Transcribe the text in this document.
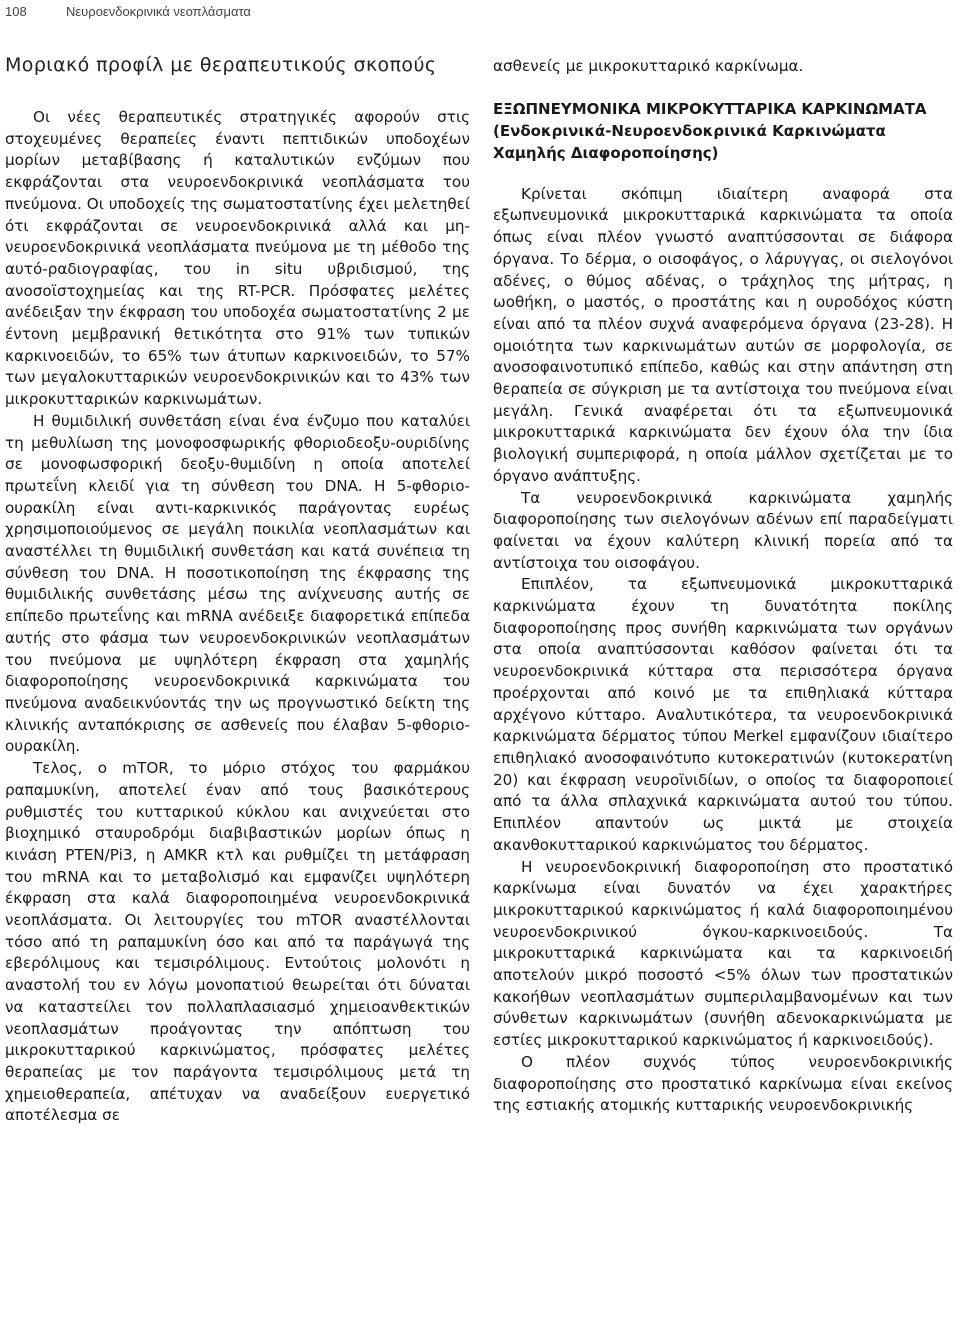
108	Νευροενδοκρινικά νεοπλάσματα
Μοριακό προφίλ με θεραπευτικούς σκοπούς

Οι νέες θεραπευτικές στρατηγικές αφορούν στις στοχευμένες θεραπείες έναντι πεπτιδικών υποδοχέων μορίων μεταβίβασης ή καταλυτικών ενζύμων που εκφράζονται στα νευροενδοκρινικά νεοπλάσματα του πνεύμονα. Οι υποδοχείς της σωματοστατίνης έχει μελετηθεί ότι εκφράζονται σε νευροενδοκρινικά αλλά και μη-νευροενδοκρινικά νεοπλάσματα πνεύμονα με τη μέθοδο της αυτό-ραδιογραφίας, του in situ υβριδισμού, της ανοσοϊστοχημείας και της RT-PCR. Πρόσφατες μελέτες ανέδειξαν την έκφραση του υποδοχέα σωματοστατίνης 2 με έντονη μεμβρανική θετικότητα στο 91% των τυπικών καρκινοειδών, το 65% των άτυπων καρκινοειδών, το 57% των μεγαλοκυτταρικών νευροενδοκρινικών και το 43% των μικροκυτταρικών καρκινωμάτων.

Η θυμιδιλική συνθετάση είναι ένα ένζυμο που καταλύει τη μεθυλίωση της μονοφοσφωρικής φθοριοδεοξυ-ουριδίνης σε μονοφωσφορική δεοξυ-θυμιδίνη η οποία αποτελεί πρωτεΐνη κλειδί για τη σύνθεση του DNA. Η 5-φθοριο-ουρακίλη είναι αντι-καρκινικός παράγοντας ευρέως χρησιμοποιούμενος σε μεγάλη ποικιλία νεοπλασμάτων και αναστέλλει τη θυμιδιλική συνθετάση και κατά συνέπεια τη σύνθεση του DNA. Η ποσοτικοποίηση της έκφρασης της θυμιδιλικής συνθετάσης μέσω της ανίχνευσης αυτής σε επίπεδο πρωτεΐνης και mRNA ανέδειξε διαφορετικά επίπεδα αυτής στο φάσμα των νευροενδοκρινικών νεοπλασμάτων του πνεύμονα με υψηλότερη έκφραση στα χαμηλής διαφοροποίησης νευροενδοκρινικά καρκινώματα του πνεύμονα αναδεικνύοντάς την ως προγνωστικό δείκτη της κλινικής ανταπόκρισης σε ασθενείς που έλαβαν 5-φθοριο-ουρακίλη.

Τελος, ο mTOR, το μόριο στόχος του φαρμάκου ραπαμυκίνη, αποτελεί έναν από τους βασικότερους ρυθμιστές του κυτταρικού κύκλου και ανιχνεύεται στο βιοχημικό σταυροδρόμι διαβιβαστικών μορίων όπως η κινάση PTEN/Pi3, η AMKR κτλ και ρυθμίζει τη μετάφραση του mRNA και το μεταβολισμό και εμφανίζει υψηλότερη έκφραση στα καλά διαφοροποιημένα νευροενδοκρινικά νεοπλάσματα. Οι λειτουργίες του mTOR αναστέλλονται τόσο από τη ραπαμυκίνη όσο και από τα παράγωγά της εβερόλιμους και τεμσιρόλιμους. Εντούτοις μολονότι η αναστολή του εν λόγω μονοπατιού θεωρείται ότι δύναται να καταστείλει τον πολλαπλασιασμό χημειοανθεκτικών νεοπλασμάτων προάγοντας την απόπτωση του μικροκυτταρικού καρκινώματος, πρόσφατες μελέτες θεραπείας με τον παράγοντα τεμσιρόλιμους μετά τη χημειοθεραπεία, απέτυχαν να αναδείξουν ευεργετικό αποτέλεσμα σε

ασθενείς με μικροκυτταρικό καρκίνωμα.

ΕΞΩΠΝΕΥΜΟΝΙΚΑ ΜΙΚΡΟΚΥΤΤΑΡΙΚΑ ΚΑΡΚΙΝΩΜΑΤΑ (Ενδοκρινικά-Νευροενδοκρινικά Καρκινώματα Χαμηλής Διαφοροποίησης)

Κρίνεται σκόπιμη ιδιαίτερη αναφορά στα εξωπνευμονικά μικροκυτταρικά καρκινώματα τα οποία όπως είναι πλέον γνωστό αναπτύσσονται σε διάφορα όργανα. Το δέρμα, ο οισοφάγος, ο λάρυγγας, οι σιελογόνοι αδένες, ο θύμος αδένας, ο τράχηλος της μήτρας, η ωοθήκη, ο μαστός, ο προστάτης και η ουροδόχος κύστη είναι από τα πλέον συχνά αναφερόμενα όργανα (23-28). Η ομοιότητα των καρκινωμάτων αυτών σε μορφολογία, σε ανοσοφαινοτυπικό επίπεδο, καθώς και στην απάντηση στη θεραπεία σε σύγκριση με τα αντίστοιχα του πνεύμονα είναι μεγάλη. Γενικά αναφέρεται ότι τα εξωπνευμονικά μικροκυτταρικά καρκινώματα δεν έχουν όλα την ίδια βιολογική συμπεριφορά, η οποία μάλλον σχετίζεται με το όργανο ανάπτυξης.

Τα νευροενδοκρινικά καρκινώματα χαμηλής διαφοροποίησης των σιελογόνων αδένων επί παραδείγματι φαίνεται να έχουν καλύτερη κλινική πορεία από τα αντίστοιχα του οισοφάγου.

Επιπλέον, τα εξωπνευμονικά μικροκυτταρικά καρκινώματα έχουν τη δυνατότητα ποκίλης διαφοροποίησης προς συνήθη καρκινώματα των οργάνων στα οποία αναπτύσσονται καθόσον φαίνεται ότι τα νευροενδοκρινικά κύτταρα στα περισσότερα όργανα προέρχονται από κοινό με τα επιθηλιακά κύτταρα αρχέγονο κύτταρο. Αναλυτικότερα, τα νευροενδοκρινικά καρκινώματα δέρματος τύπου Merkel εμφανίζουν ιδιαίτερο επιθηλιακό ανοσοφαινότυπο κυτοκερατινών (κυτοκερατίνη 20) και έκφραση νευροϊνιδίων, ο οποίος τα διαφοροποιεί από τα άλλα σπλαχνικά καρκινώματα αυτού του τύπου. Επιπλέον απαντούν ως μικτά με στοιχεία ακανθοκυτταρικού καρκινώματος του δέρματος.

Η νευροενδοκρινική διαφοροποίηση στο προστατικό καρκίνωμα είναι δυνατόν να έχει χαρακτήρες μικροκυτταρικού καρκινώματος ή καλά διαφοροποιημένου νευροενδοκρινικού όγκου-καρκινοειδούς. Τα μικροκυτταρικά καρκινώματα και τα καρκινοειδή αποτελούν μικρό ποσοστό <5% όλων των προστατικών κακοήθων νεοπλασμάτων συμπεριλαμβανομένων και των σύνθετων καρκινωμάτων (συνήθη αδενοκαρκινώματα με εστίες μικροκυτταρικού καρκινώματος ή καρκινοειδούς).

Ο πλέον συχνός τύπος νευροενδοκρινικής διαφοροποίησης στο προστατικό καρκίνωμα είναι εκείνος της εστιακής ατομικής κυτταρικής νευροενδοκρινικής
